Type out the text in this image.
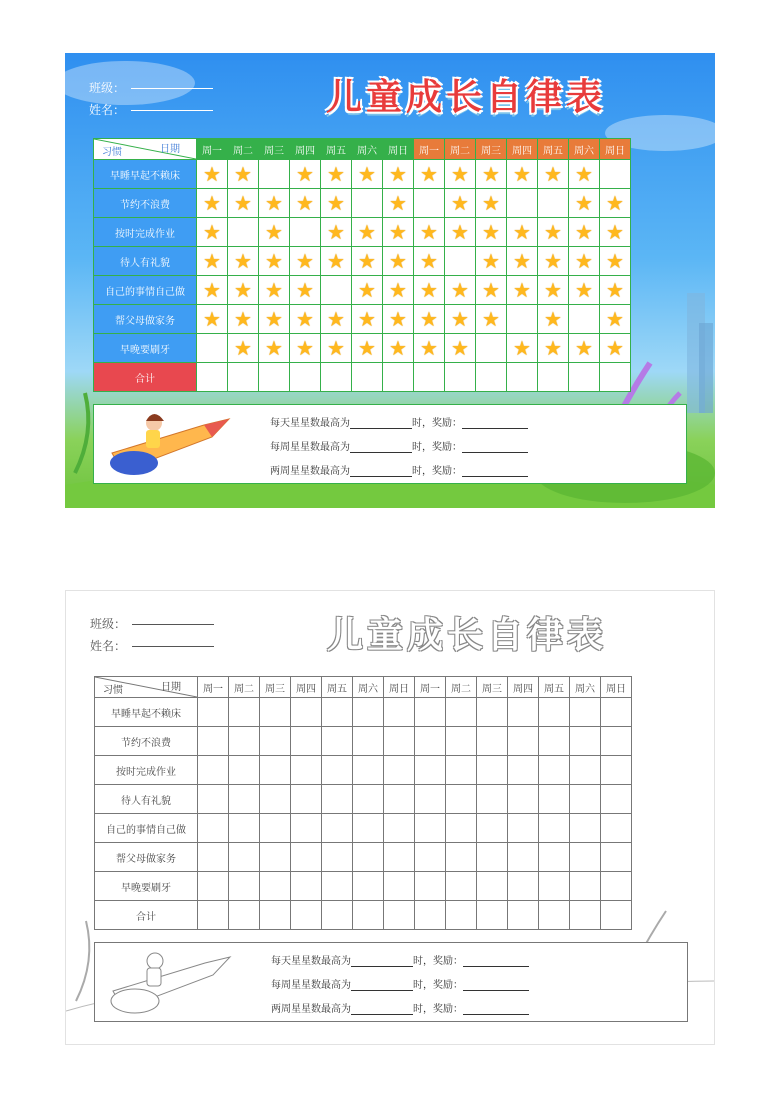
班级：
姓名：	儿童成长自律表
日期
习惯	周一	周二	周三	周四	周五	周六	周日	周一	周二	周三	周四	周五	周六	周日
早睡早起不赖床	★	★		★	★	★	★	★	★	★	★	★	★	
节约不浪费	★	★	★	★	★		★		★	★			★	★
按时完成作业	★		★		★	★	★	★	★	★	★	★	★	★
待人有礼貌	★	★	★	★	★	★	★	★		★	★	★	★	★
自己的事情自己做	★	★	★	★		★	★	★	★	★	★	★	★	★
帮父母做家务	★	★	★	★	★	★	★	★	★	★		★		★
早晚要刷牙		★	★	★	★	★	★	★	★		★	★	★	★
合计														
每天星星数最高为	时，奖励：
每周星星数最高为	时，奖励：
两周星星数最高为	时，奖励：
班级：
姓名：	儿童成长自律表
日期
习惯	周一	周二	周三	周四	周五	周六	周日	周一	周二	周三	周四	周五	周六	周日
早睡早起不赖床														
节约不浪费														
按时完成作业														
待人有礼貌														
自己的事情自己做														
帮父母做家务														
早晚要刷牙														
合计														
每天星星数最高为	时，奖励：
每周星星数最高为	时，奖励：
两周星星数最高为	时，奖励：
